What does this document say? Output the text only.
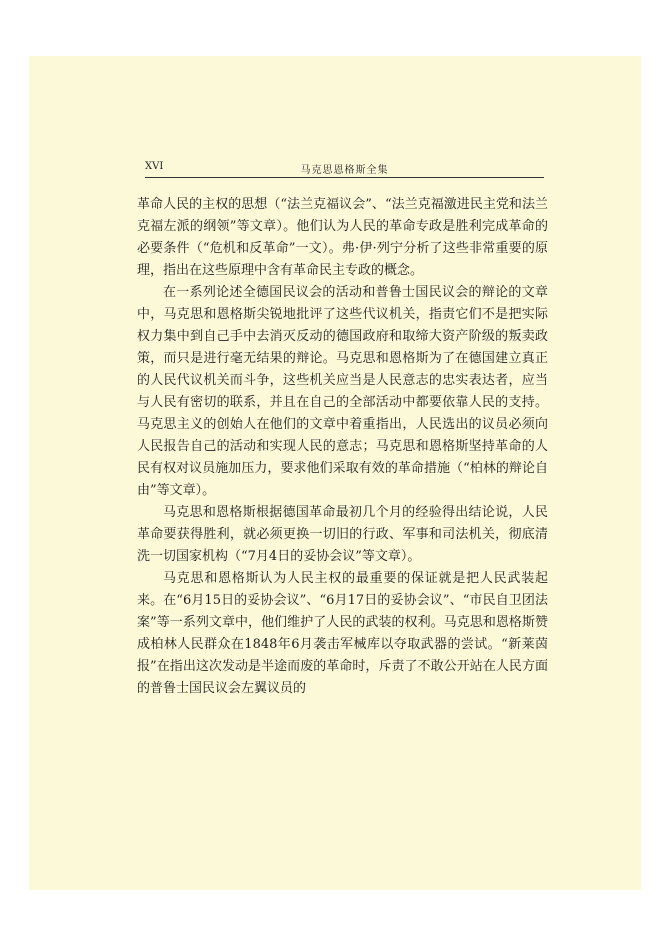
XVI	马克思恩格斯全集

革命人民的主权的思想（“法兰克福议会”、“法兰克福激进民主党和法兰克福左派的纲领”等文章）。他们认为人民的革命专政是胜利完成革命的必要条件（“危机和反革命”一文）。弗·伊·列宁分析了这些非常重要的原理，指出在这些原理中含有革命民主专政的概念。

在一系列论述全德国民议会的活动和普鲁士国民议会的辩论的文章中，马克思和恩格斯尖锐地批评了这些代议机关，指责它们不是把实际权力集中到自己手中去消灭反动的德国政府和取缔大资产阶级的叛卖政策，而只是进行毫无结果的辩论。马克思和恩格斯为了在德国建立真正的人民代议机关而斗争，这些机关应当是人民意志的忠实表达者，应当与人民有密切的联系，并且在自己的全部活动中都要依靠人民的支持。马克思主义的创始人在他们的文章中着重指出，人民选出的议员必须向人民报告自己的活动和实现人民的意志；马克思和恩格斯坚持革命的人民有权对议员施加压力，要求他们采取有效的革命措施（“柏林的辩论自由”等文章）。

马克思和恩格斯根据德国革命最初几个月的经验得出结论说，人民革命要获得胜利，就必须更换一切旧的行政、军事和司法机关，彻底清洗一切国家机构（“7月4日的妥协会议”等文章）。

马克思和恩格斯认为人民主权的最重要的保证就是把人民武装起来。在“6月15日的妥协会议”、“6月17日的妥协会议”、“市民自卫团法案”等一系列文章中，他们维护了人民的武装的权利。马克思和恩格斯赞成柏林人民群众在1848年6月袭击军械库以夺取武器的尝试。“新莱茵报”在指出这次发动是半途而废的革命时，斥责了不敢公开站在人民方面的普鲁士国民议会左翼议员的
